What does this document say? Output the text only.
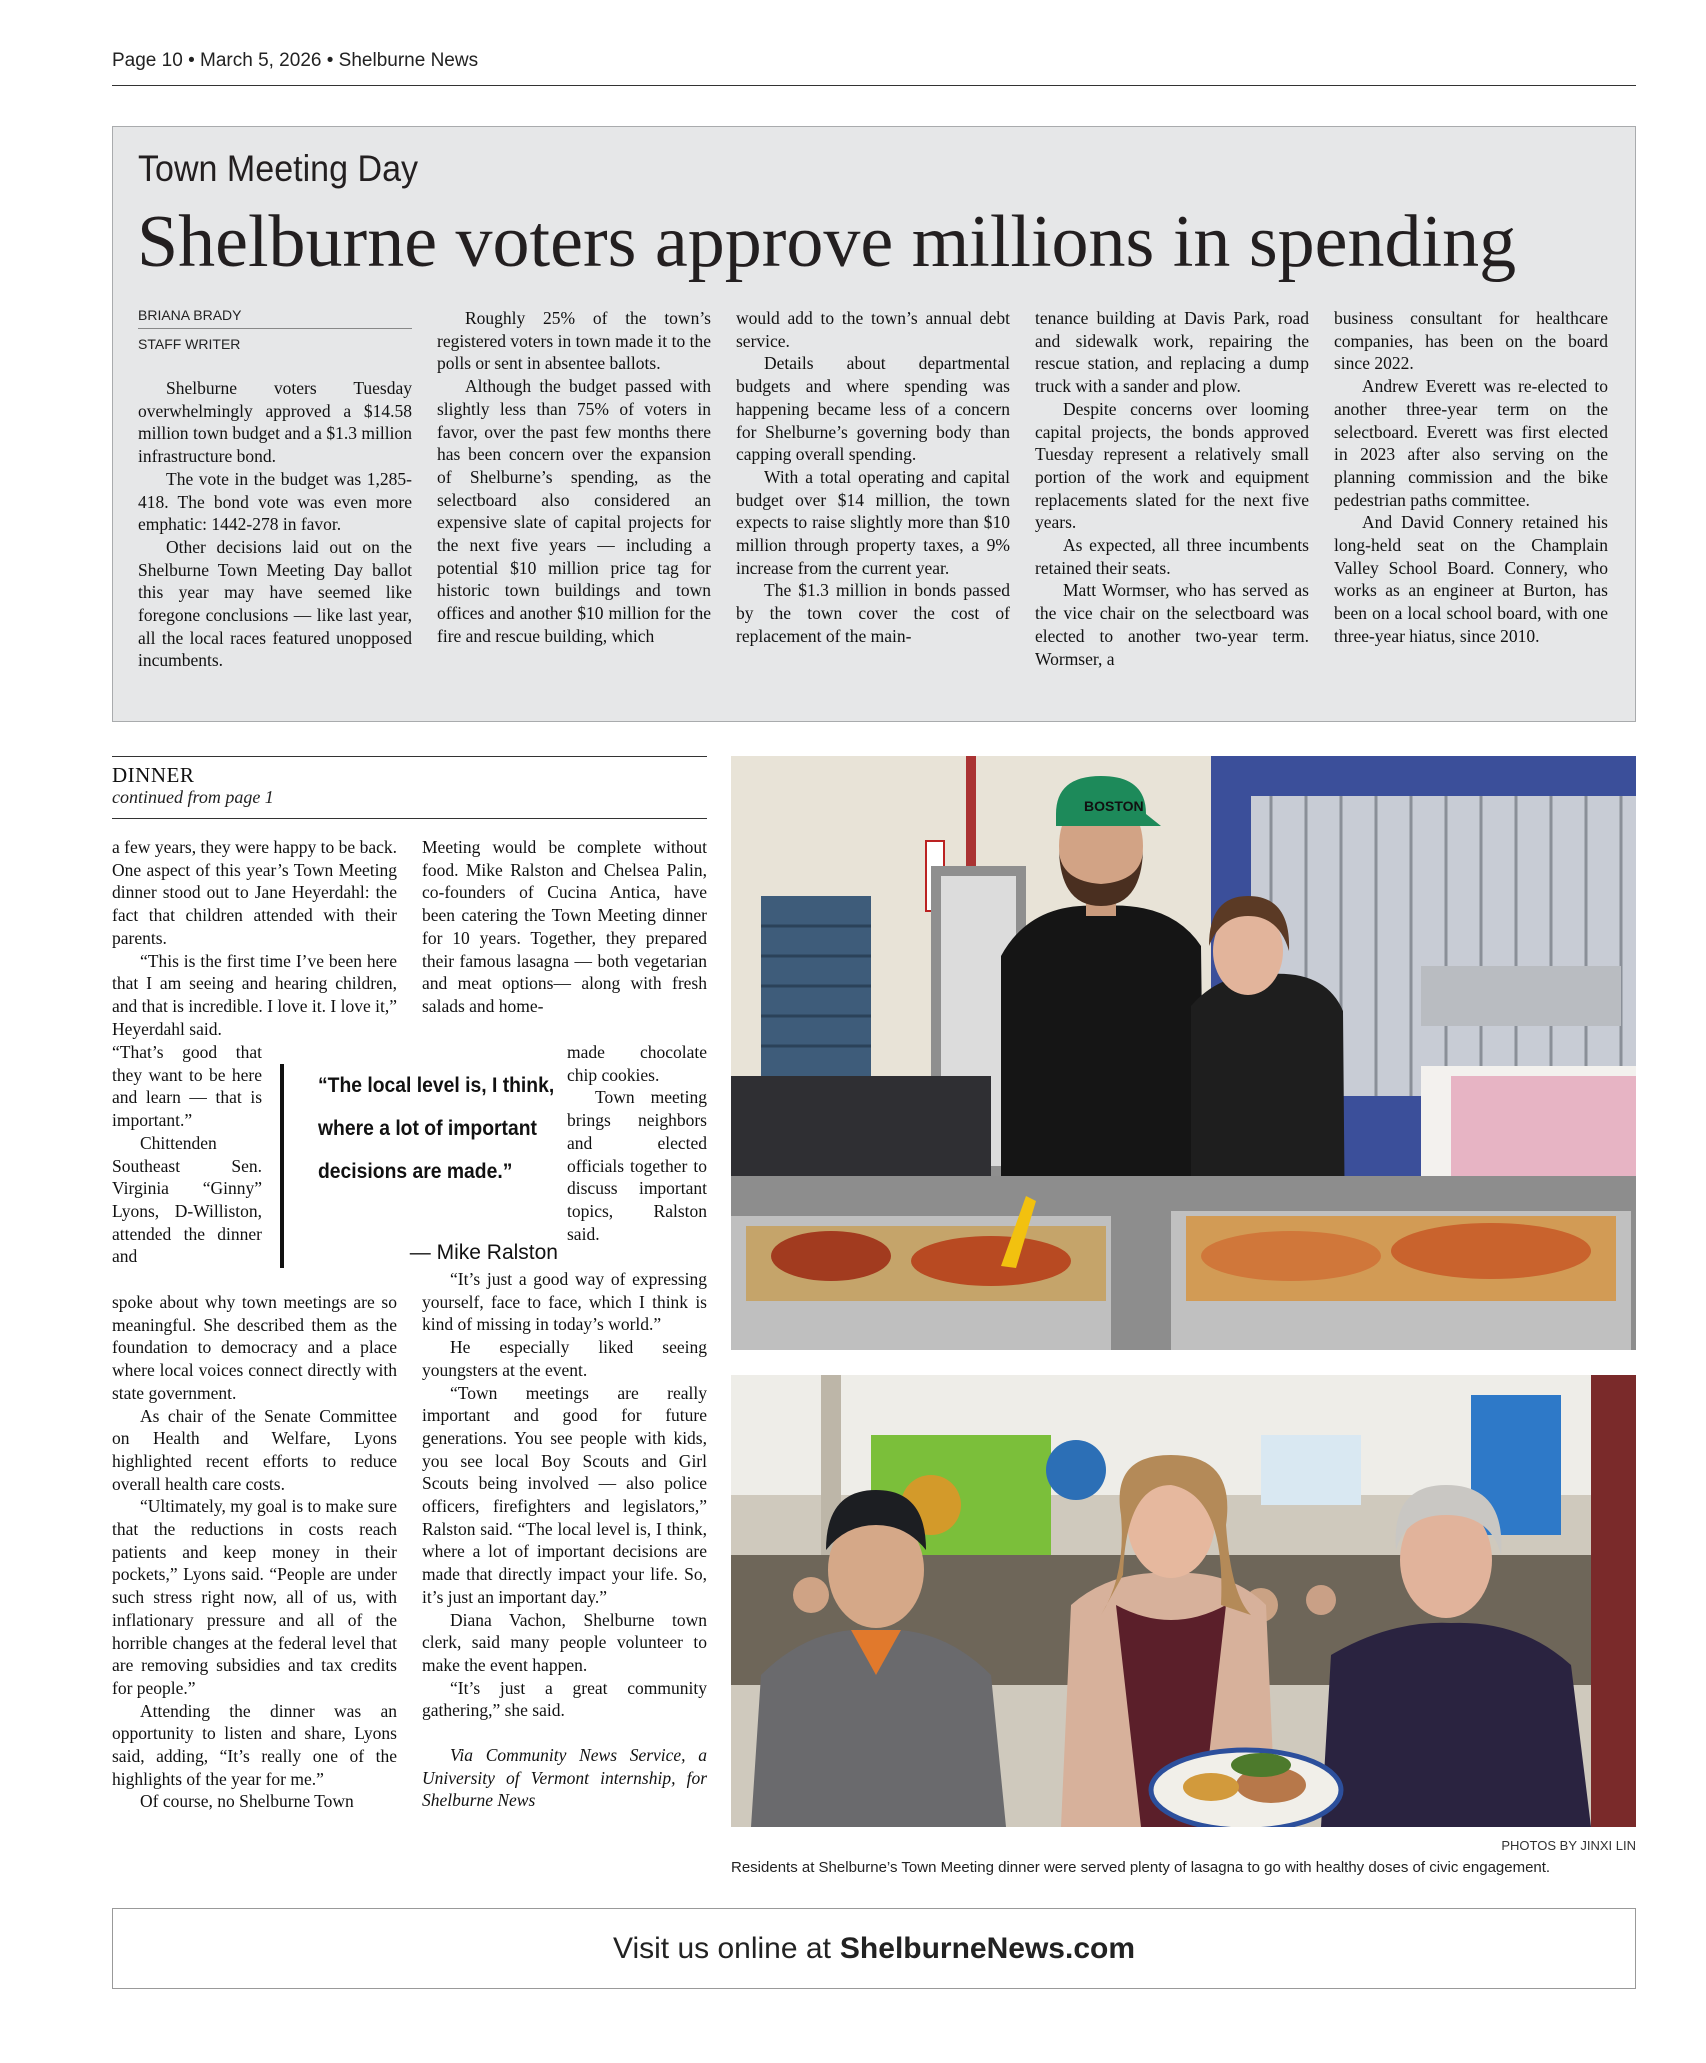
Page 10 • March 5, 2026 • Shelburne News
Town Meeting Day
Shelburne voters approve millions in spending
BRIANA BRADY
STAFF WRITER

Shelburne voters Tuesday overwhelmingly approved a $14.58 million town budget and a $1.3 million infrastructure bond.

The vote in the budget was 1,285-418. The bond vote was even more emphatic: 1442-278 in favor.

Other decisions laid out on the Shelburne Town Meeting Day ballot this year may have seemed like foregone conclusions — like last year, all the local races featured unopposed incumbents.

Roughly 25% of the town’s registered voters in town made it to the polls or sent in absentee ballots.

Although the budget passed with slightly less than 75% of voters in favor, over the past few months there has been concern over the expansion of Shelburne’s spending, as the selectboard also considered an expensive slate of capital projects for the next five years — including a potential $10 million price tag for historic town buildings and town offices and another $10 million for the fire and rescue building, which

would add to the town’s annual debt service.

Details about departmental budgets and where spending was happening became less of a concern for Shelburne’s governing body than capping overall spending.

With a total operating and capital budget over $14 million, the town expects to raise slightly more than $10 million through property taxes, a 9% increase from the current year.

The $1.3 million in bonds passed by the town cover the cost of replacement of the main-

tenance building at Davis Park, road and sidewalk work, repairing the rescue station, and replacing a dump truck with a sander and plow.

Despite concerns over looming capital projects, the bonds approved Tuesday represent a relatively small portion of the work and equipment replacements slated for the next five years.

As expected, all three incumbents retained their seats.

Matt Wormser, who has served as the vice chair on the selectboard was elected to another two-year term. Wormser, a

business consultant for healthcare companies, has been on the board since 2022.

Andrew Everett was re-elected to another three-year term on the selectboard. Everett was first elected in 2023 after also serving on the planning commission and the bike pedestrian paths committee.

And David Connery retained his long-held seat on the Champlain Valley School Board. Connery, who works as an engineer at Burton, has been on a local school board, with one three-year hiatus, since 2010.

DINNER
continued from page 1

a few years, they were happy to be back. One aspect of this year’s Town Meeting dinner stood out to Jane Heyerdahl: the fact that children attended with their parents.

“This is the first time I’ve been here that I am seeing and hearing children, and that is incredible. I love it. I love it,” Heyerdahl said.

“That’s good that they want to be here and learn — that is important.”

Chittenden Southeast Sen. Virginia “Ginny” Lyons, D-Williston, attended the dinner and

spoke about why town meetings are so meaningful. She described them as the foundation to democracy and a place where local voices connect directly with state government.

As chair of the Senate Committee on Health and Welfare, Lyons highlighted recent efforts to reduce overall health care costs.

“Ultimately, my goal is to make sure that the reductions in costs reach patients and keep money in their pockets,” Lyons said. “People are under such stress right now, all of us, with inflationary pressure and all of the horrible changes at the federal level that are removing subsidies and tax credits for people.”

Attending the dinner was an opportunity to listen and share, Lyons said, adding, “It’s really one of the highlights of the year for me.”

Of course, no Shelburne Town

Meeting would be complete without food. Mike Ralston and Chelsea Palin, co-founders of Cucina Antica, have been catering the Town Meeting dinner for 10 years. Together, they prepared their famous lasagna — both vegetarian and meat options— along with fresh salads and home-

made chocolate chip cookies.

Town meeting brings neighbors and elected officials together to discuss important topics, Ralston said.

“It’s just a good way of expressing yourself, face to face, which I think is kind of missing in today’s world.”

He especially liked seeing youngsters at the event.

“Town meetings are really important and good for future generations. You see people with kids, you see local Boy Scouts and Girl Scouts being involved — also police officers, firefighters and legislators,” Ralston said. “The local level is, I think, where a lot of important decisions are made that directly impact your life. So, it’s just an important day.”

Diana Vachon, Shelburne town clerk, said many people volunteer to make the event happen.

“It’s just a great community gathering,” she said.

Via Community News Service, a University of Vermont internship, for Shelburne News

“The local level is, I think, where a lot of important decisions are made.”
— Mike Ralston
BOSTON
PHOTOS BY JINXI LIN
Residents at Shelburne’s Town Meeting dinner were served plenty of lasagna to go with healthy doses of civic engagement.
Visit us online at ShelburneNews.com
